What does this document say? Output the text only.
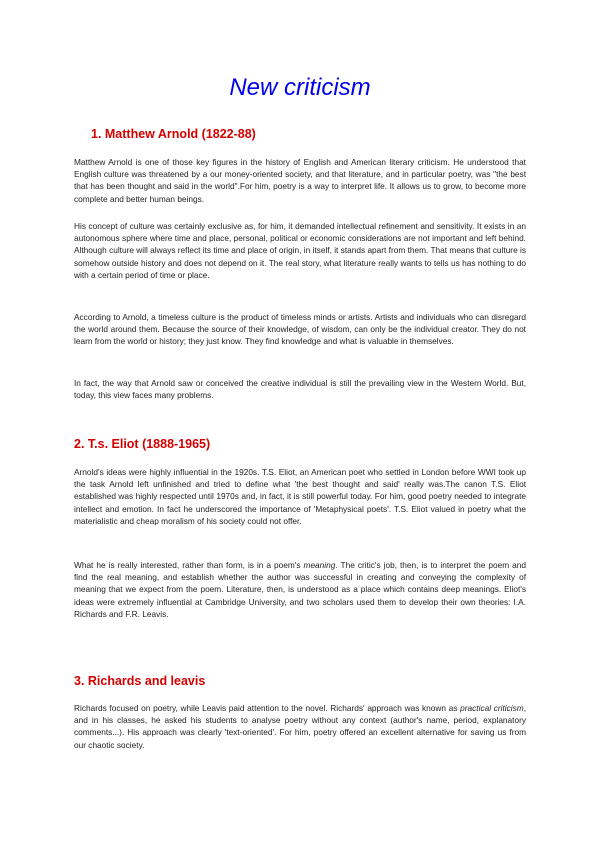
New criticism
1. Matthew Arnold (1822-88)

Matthew Arnold is one of those key figures in the history of English and American literary criticism. He understood that English culture was threatened by a our money-oriented society, and that literature, and in particular poetry, was "the best that has been thought and said in the world".For him, poetry is a way to interpret life. It allows us to grow, to become more complete and better human beings.

His concept of culture was certainly exclusive as, for him, it demanded intellectual refinement and sensitivity. It exists in an autonomous sphere where time and place, personal, political or economic considerations are not important and left behind. Although culture will always reflect its time and place of origin, in itself, it stands apart from them. That means that culture is somehow outside history and does not depend on it. The real story, what literature really wants to tells us has nothing to do with a certain period of time or place.

According to Arnold, a timeless culture is the product of timeless minds or artists. Artists and individuals who can disregard the world around them. Because the source of their knowledge, of wisdom, can only be the individual creator. They do not learn from the world or history; they just know. They find knowledge and what is valuable in themselves.

In fact, the way that Arnold saw or conceived the creative individual is still the prevailing view in the Western World. But, today, this view faces many problems.

2. T.s. Eliot (1888-1965)

Arnold's ideas were highly influential in the 1920s. T.S. Eliot, an American poet who settled in London before WWI took up the task Arnold left unfinished and tried to define what 'the best thought and said' really was.The canon T.S. Eliot established was highly respected until 1970s and, in fact, it is still powerful today. For him, good poetry needed to integrate intellect and emotion. In fact he underscored the importance of 'Metaphysical poets'. T.S. Eliot valued in poetry what the materialistic and cheap moralism of his society could not offer.

What he is really interested, rather than form, is in a poem's meaning. The critic's job, then, is to interpret the poem and find the real meaning, and establish whether the author was successful in creating and conveying the complexity of meaning that we expect from the poem. Literature, then, is understood as a place which contains deep meanings. Eliot's ideas were extremely influential at Cambridge University, and two scholars used them to develop their own theories: I.A. Richards and F.R. Leavis.

3. Richards and leavis

Richards focused on poetry, while Leavis paid attention to the novel. Richards' approach was known as practical criticism, and in his classes, he asked his students to analyse poetry without any context (author's name, period, explanatory comments...). His approach was clearly 'text-oriented'. For him, poetry offered an excellent alternative for saving us from our chaotic society.
